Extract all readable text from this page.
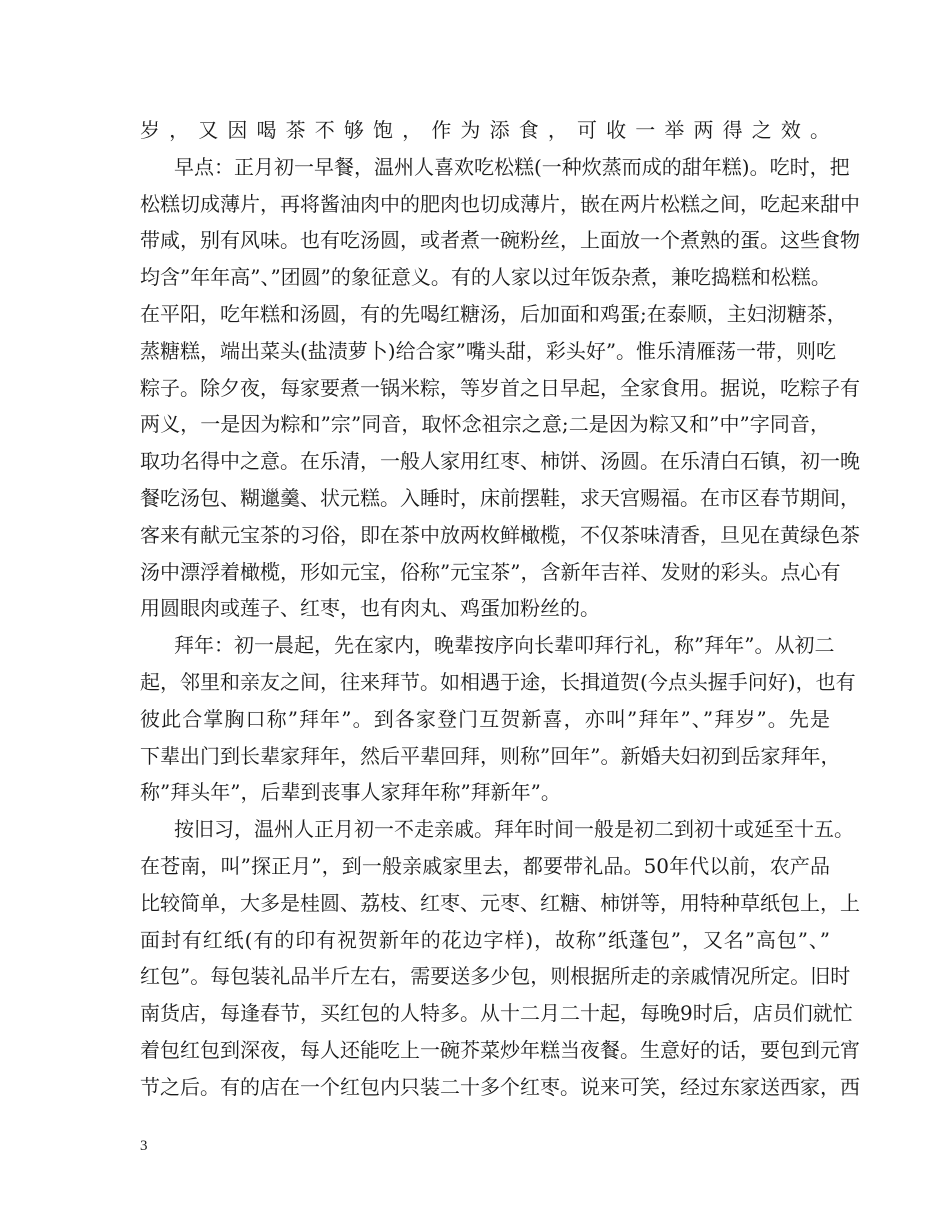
岁，又因喝茶不够饱，作为添食，可收一举两得之效。
早点：正月初一早餐，温州人喜欢吃松糕(一种炊蒸而成的甜年糕)。吃时，把
松糕切成薄片，再将酱油肉中的肥肉也切成薄片，嵌在两片松糕之间，吃起来甜中
带咸，别有风味。也有吃汤圆，或者煮一碗粉丝，上面放一个煮熟的蛋。这些食物
均含”年年高”、”团圆”的象征意义。有的人家以过年饭杂煮，兼吃捣糕和松糕。
在平阳，吃年糕和汤圆，有的先喝红糖汤，后加面和鸡蛋;在泰顺，主妇沏糖茶，
蒸糖糕，端出菜头(盐渍萝卜)给合家”嘴头甜，彩头好”。惟乐清雁荡一带，则吃
粽子。除夕夜，每家要煮一锅米粽，等岁首之日早起，全家食用。据说，吃粽子有
两义，一是因为粽和”宗”同音，取怀念祖宗之意;二是因为粽又和”中”字同音，
取功名得中之意。在乐清，一般人家用红枣、柿饼、汤圆。在乐清白石镇，初一晚
餐吃汤包、糊邋羹、状元糕。入睡时，床前摆鞋，求天宫赐福。在市区春节期间，
客来有献元宝茶的习俗，即在茶中放两枚鲜橄榄，不仅茶味清香，旦见在黄绿色茶
汤中漂浮着橄榄，形如元宝，俗称”元宝茶”，含新年吉祥、发财的彩头。点心有
用圆眼肉或莲子、红枣，也有肉丸、鸡蛋加粉丝的。
拜年：初一晨起，先在家内，晚辈按序向长辈叩拜行礼，称”拜年”。从初二
起，邻里和亲友之间，往来拜节。如相遇于途，长揖道贺(今点头握手问好)，也有
彼此合掌胸口称”拜年”。到各家登门互贺新喜，亦叫”拜年”、”拜岁”。先是
下辈出门到长辈家拜年，然后平辈回拜，则称”回年”。新婚夫妇初到岳家拜年，
称”拜头年”，后辈到丧事人家拜年称”拜新年”。
按旧习，温州人正月初一不走亲戚。拜年时间一般是初二到初十或延至十五。
在苍南，叫”探正月”，到一般亲戚家里去，都要带礼品。50年代以前，农产品
比较简单，大多是桂圆、荔枝、红枣、元枣、红糖、柿饼等，用特种草纸包上，上
面封有红纸(有的印有祝贺新年的花边字样)，故称”纸蓬包”，又名”高包”、”
红包”。每包装礼品半斤左右，需要送多少包，则根据所走的亲戚情况所定。旧时
南货店，每逢春节，买红包的人特多。从十二月二十起，每晚9时后，店员们就忙
着包红包到深夜，每人还能吃上一碗芥菜炒年糕当夜餐。生意好的话，要包到元宵
节之后。有的店在一个红包内只装二十多个红枣。说来可笑，经过东家送西家，西
3
